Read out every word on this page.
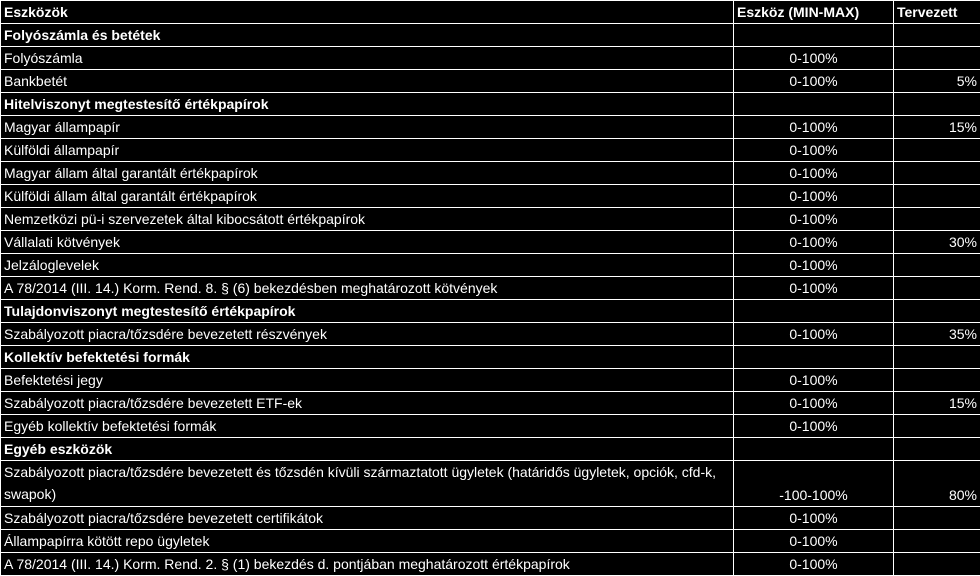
Eszközök	Eszköz (MIN-MAX)	Tervezett
Folyószámla és betétek		
Folyószámla	0-100%	
Bankbetét	0-100%	5%
Hitelviszonyt megtestesítő értékpapírok		
Magyar állampapír	0-100%	15%
Külföldi állampapír	0-100%	
Magyar állam által garantált értékpapírok	0-100%	
Külföldi állam által garantált értékpapírok	0-100%	
Nemzetközi pü-i szervezetek által kibocsátott értékpapírok	0-100%	
Vállalati kötvények	0-100%	30%
Jelzáloglevelek	0-100%	
A 78/2014 (III. 14.) Korm. Rend. 8. § (6) bekezdésben meghatározott kötvények	0-100%	
Tulajdonviszonyt megtestesítő értékpapírok		
Szabályozott piacra/tőzsdére bevezetett részvények	0-100%	35%
Kollektív befektetési formák		
Befektetési jegy	0-100%	
Szabályozott piacra/tőzsdére bevezetett ETF-ek	0-100%	15%
Egyéb kollektív befektetési formák	0-100%	
Egyéb eszközök		
Szabályozott piacra/tőzsdére bevezetett és tőzsdén kívüli származtatott ügyletek (határidős ügyletek, opciók, cfd-k, swapok)	-100-100%	80%
Szabályozott piacra/tőzsdére bevezetett certifikátok	0-100%	
Állampapírra kötött repo ügyletek	0-100%	
A 78/2014 (III. 14.) Korm. Rend. 2. § (1) bekezdés d. pontjában meghatározott értékpapírok	0-100%	
